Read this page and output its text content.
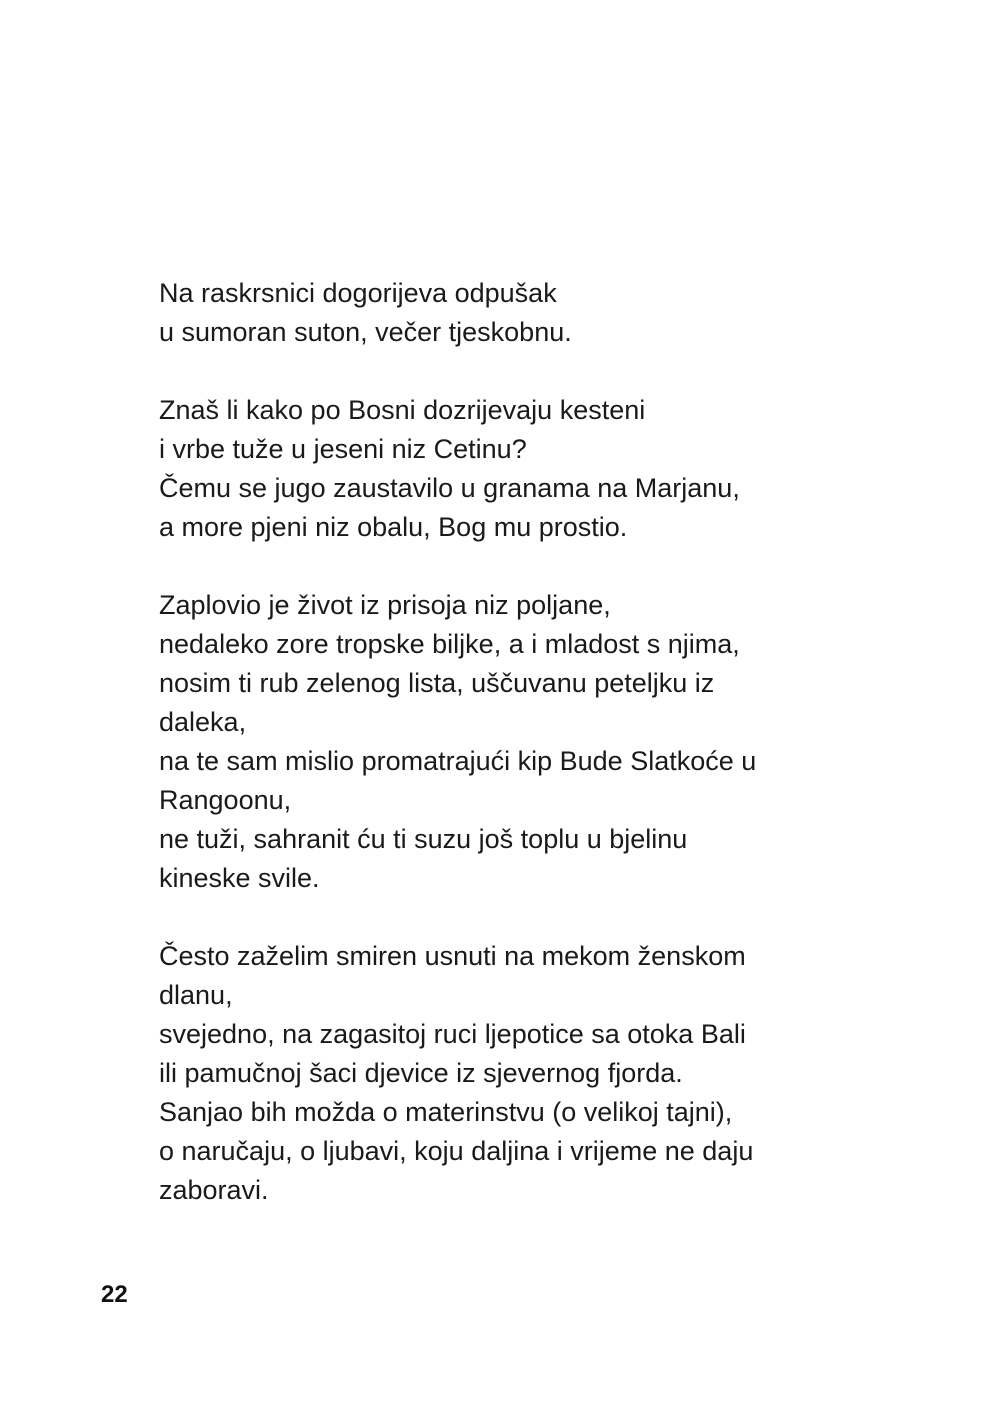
Na raskrsnici dogorijeva odpušak
u sumoran suton, večer tjeskobnu.
Znaš li kako po Bosni dozrijevaju kesteni
i vrbe tuže u jeseni niz Cetinu?
Čemu se jugo zaustavilo u granama na Marjanu,
a more pjeni niz obalu, Bog mu prostio.
Zaplovio je život iz prisoja niz poljane,
nedaleko zore tropske biljke, a i mladost s njima,
nosim ti rub zelenog lista, uščuvanu peteljku iz
daleka,
na te sam mislio promatrajući kip Bude Slatkoće u
Rangoonu,
ne tuži, sahranit ću ti suzu još toplu u bjelinu
kineske svile.
Često zaželim smiren usnuti na mekom ženskom
dlanu,
svejedno, na zagasitoj ruci ljepotice sa otoka Bali
ili pamučnoj šaci djevice iz sjevernog fjorda.
Sanjao bih možda o materinstvu (o velikoj tajni),
o naručaju, o ljubavi, koju daljina i vrijeme ne daju
zaboravi.
22
